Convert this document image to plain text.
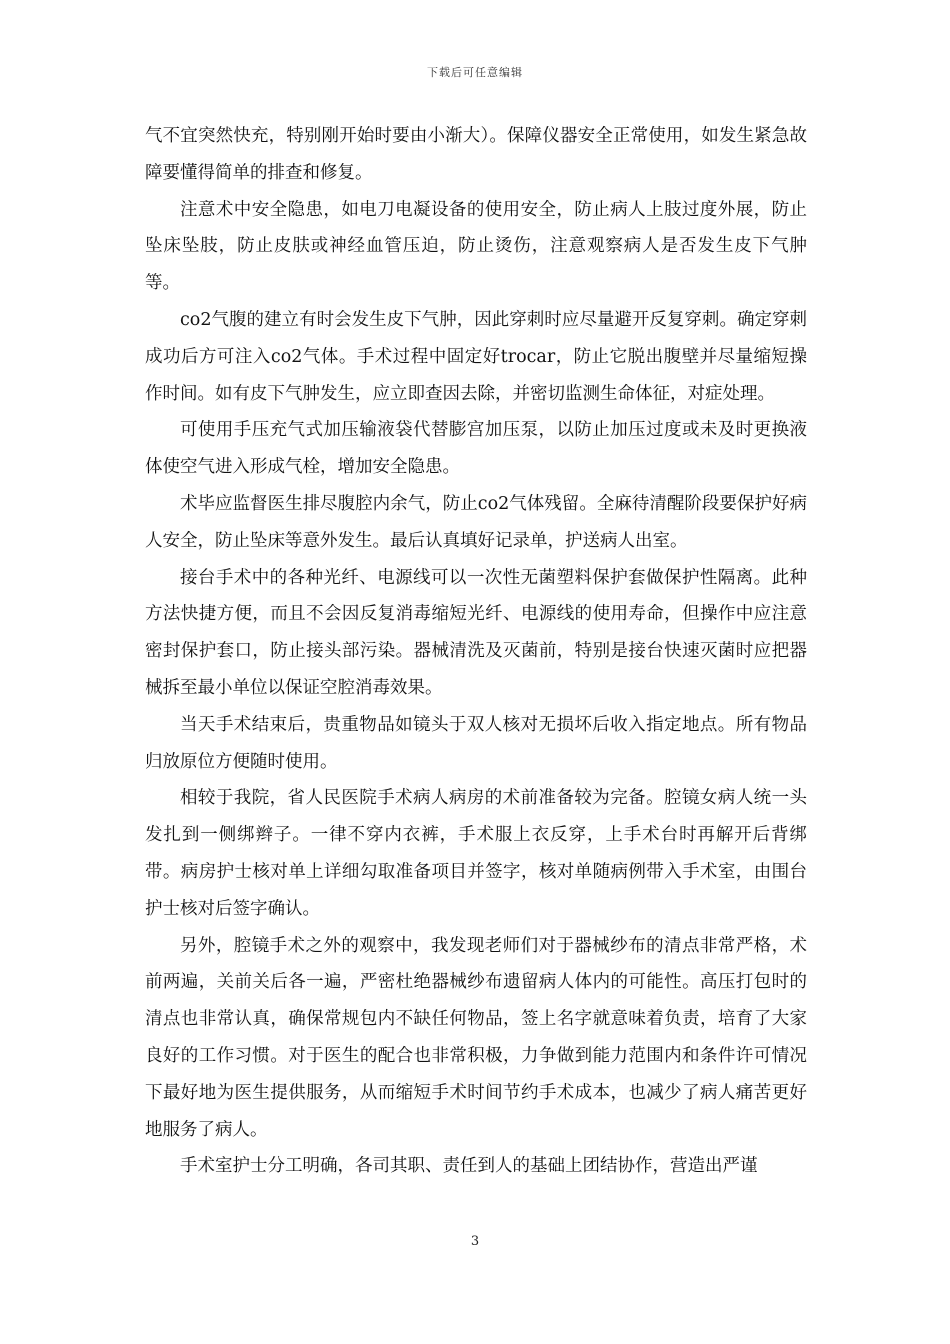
下载后可任意编辑

气不宜突然快充，特别刚开始时要由小渐大）。保障仪器安全正常使用，如发生紧急故障要懂得简单的排查和修复。

注意术中安全隐患，如电刀电凝设备的使用安全，防止病人上肢过度外展，防止坠床坠肢，防止皮肤或神经血管压迫，防止烫伤，注意观察病人是否发生皮下气肿等。

co2气腹的建立有时会发生皮下气肿，因此穿刺时应尽量避开反复穿刺。确定穿刺成功后方可注入co2气体。手术过程中固定好trocar，防止它脱出腹壁并尽量缩短操作时间。如有皮下气肿发生，应立即查因去除，并密切监测生命体征，对症处理。

可使用手压充气式加压输液袋代替膨宫加压泵，以防止加压过度或未及时更换液体使空气进入形成气栓，增加安全隐患。

术毕应监督医生排尽腹腔内余气，防止co2气体残留。全麻待清醒阶段要保护好病人安全，防止坠床等意外发生。最后认真填好记录单，护送病人出室。

接台手术中的各种光纤、电源线可以一次性无菌塑料保护套做保护性隔离。此种方法快捷方便，而且不会因反复消毒缩短光纤、电源线的使用寿命，但操作中应注意密封保护套口，防止接头部污染。器械清洗及灭菌前，特别是接台快速灭菌时应把器械拆至最小单位以保证空腔消毒效果。

当天手术结束后，贵重物品如镜头于双人核对无损坏后收入指定地点。所有物品归放原位方便随时使用。

相较于我院，省人民医院手术病人病房的术前准备较为完备。腔镜女病人统一头发扎到一侧绑辫子。一律不穿内衣裤，手术服上衣反穿，上手术台时再解开后背绑带。病房护士核对单上详细勾取准备项目并签字，核对单随病例带入手术室，由围台护士核对后签字确认。

另外，腔镜手术之外的观察中，我发现老师们对于器械纱布的清点非常严格，术前两遍，关前关后各一遍，严密杜绝器械纱布遗留病人体内的可能性。高压打包时的清点也非常认真，确保常规包内不缺任何物品，签上名字就意味着负责，培育了大家良好的工作习惯。对于医生的配合也非常积极，力争做到能力范围内和条件许可情况下最好地为医生提供服务，从而缩短手术时间节约手术成本，也减少了病人痛苦更好地服务了病人。

手术室护士分工明确，各司其职、责任到人的基础上团结协作，营造出严谨

3
